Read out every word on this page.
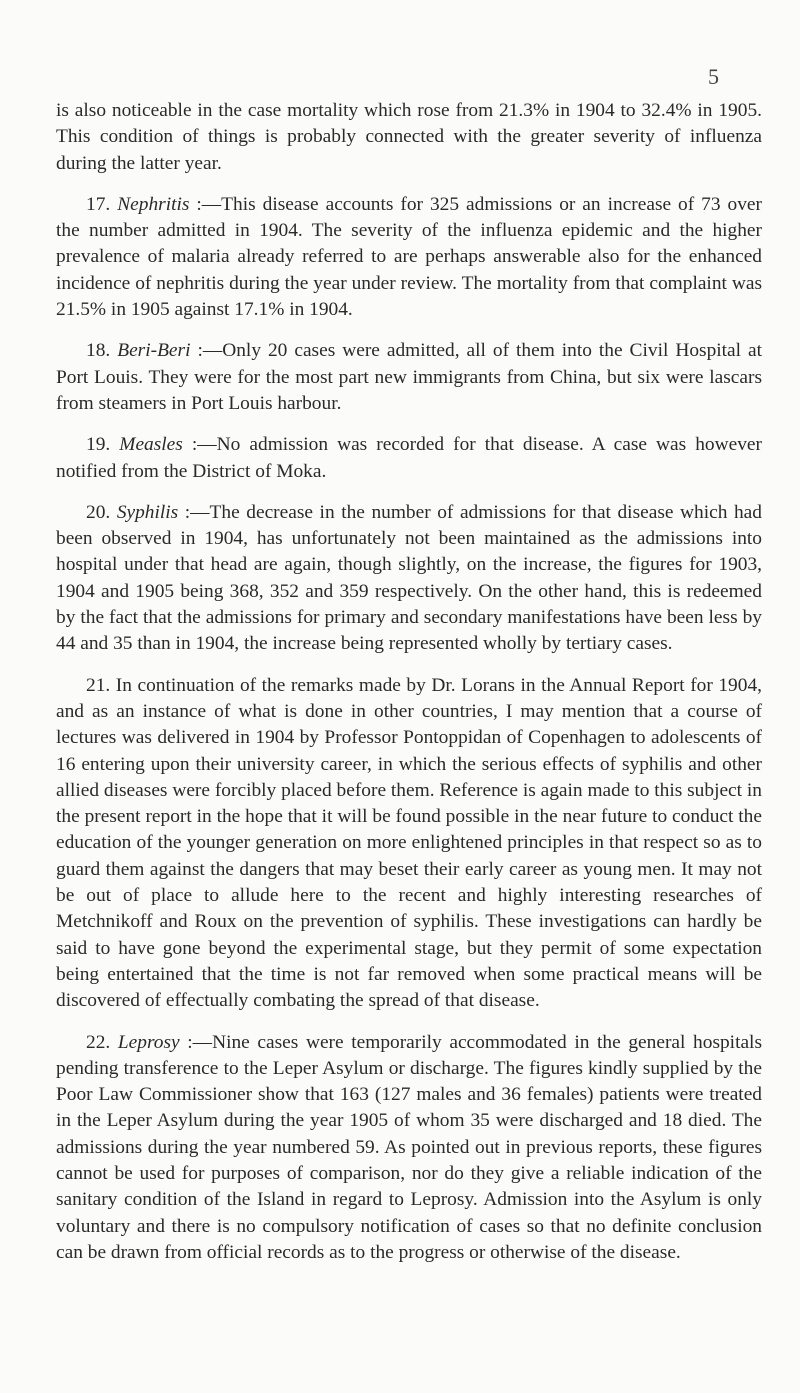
5

is also noticeable in the case mortality which rose from 21.3% in 1904 to 32.4% in 1905. This condition of things is probably connected with the greater severity of influenza during the latter year.

17. Nephritis :—This disease accounts for 325 admissions or an increase of 73 over the number admitted in 1904. The severity of the influenza epidemic and the higher prevalence of malaria already referred to are perhaps answerable also for the enhanced incidence of nephritis during the year under review. The mortality from that complaint was 21.5% in 1905 against 17.1% in 1904.

18. Beri-Beri :—Only 20 cases were admitted, all of them into the Civil Hospital at Port Louis. They were for the most part new immigrants from China, but six were lascars from steamers in Port Louis harbour.

19. Measles :—No admission was recorded for that disease. A case was however notified from the District of Moka.

20. Syphilis :—The decrease in the number of admissions for that disease which had been observed in 1904, has unfortunately not been maintained as the admissions into hospital under that head are again, though slightly, on the increase, the figures for 1903, 1904 and 1905 being 368, 352 and 359 respectively. On the other hand, this is redeemed by the fact that the admissions for primary and secondary manifestations have been less by 44 and 35 than in 1904, the increase being represented wholly by tertiary cases.

21. In continuation of the remarks made by Dr. Lorans in the Annual Report for 1904, and as an instance of what is done in other countries, I may mention that a course of lectures was delivered in 1904 by Professor Pontoppidan of Copenhagen to adolescents of 16 entering upon their university career, in which the serious effects of syphilis and other allied diseases were forcibly placed before them. Reference is again made to this subject in the present report in the hope that it will be found possible in the near future to conduct the education of the younger generation on more enlightened principles in that respect so as to guard them against the dangers that may beset their early career as young men. It may not be out of place to allude here to the recent and highly interesting researches of Metchnikoff and Roux on the prevention of syphilis. These investigations can hardly be said to have gone beyond the experimental stage, but they permit of some expectation being entertained that the time is not far removed when some practical means will be discovered of effectually combating the spread of that disease.

22. Leprosy :—Nine cases were temporarily accommodated in the general hospitals pending transference to the Leper Asylum or discharge. The figures kindly supplied by the Poor Law Commissioner show that 163 (127 males and 36 females) patients were treated in the Leper Asylum during the year 1905 of whom 35 were discharged and 18 died. The admissions during the year numbered 59. As pointed out in previous reports, these figures cannot be used for purposes of comparison, nor do they give a reliable indication of the sanitary condition of the Island in regard to Leprosy. Admission into the Asylum is only voluntary and there is no compulsory notification of cases so that no definite conclusion can be drawn from official records as to the progress or otherwise of the disease.
